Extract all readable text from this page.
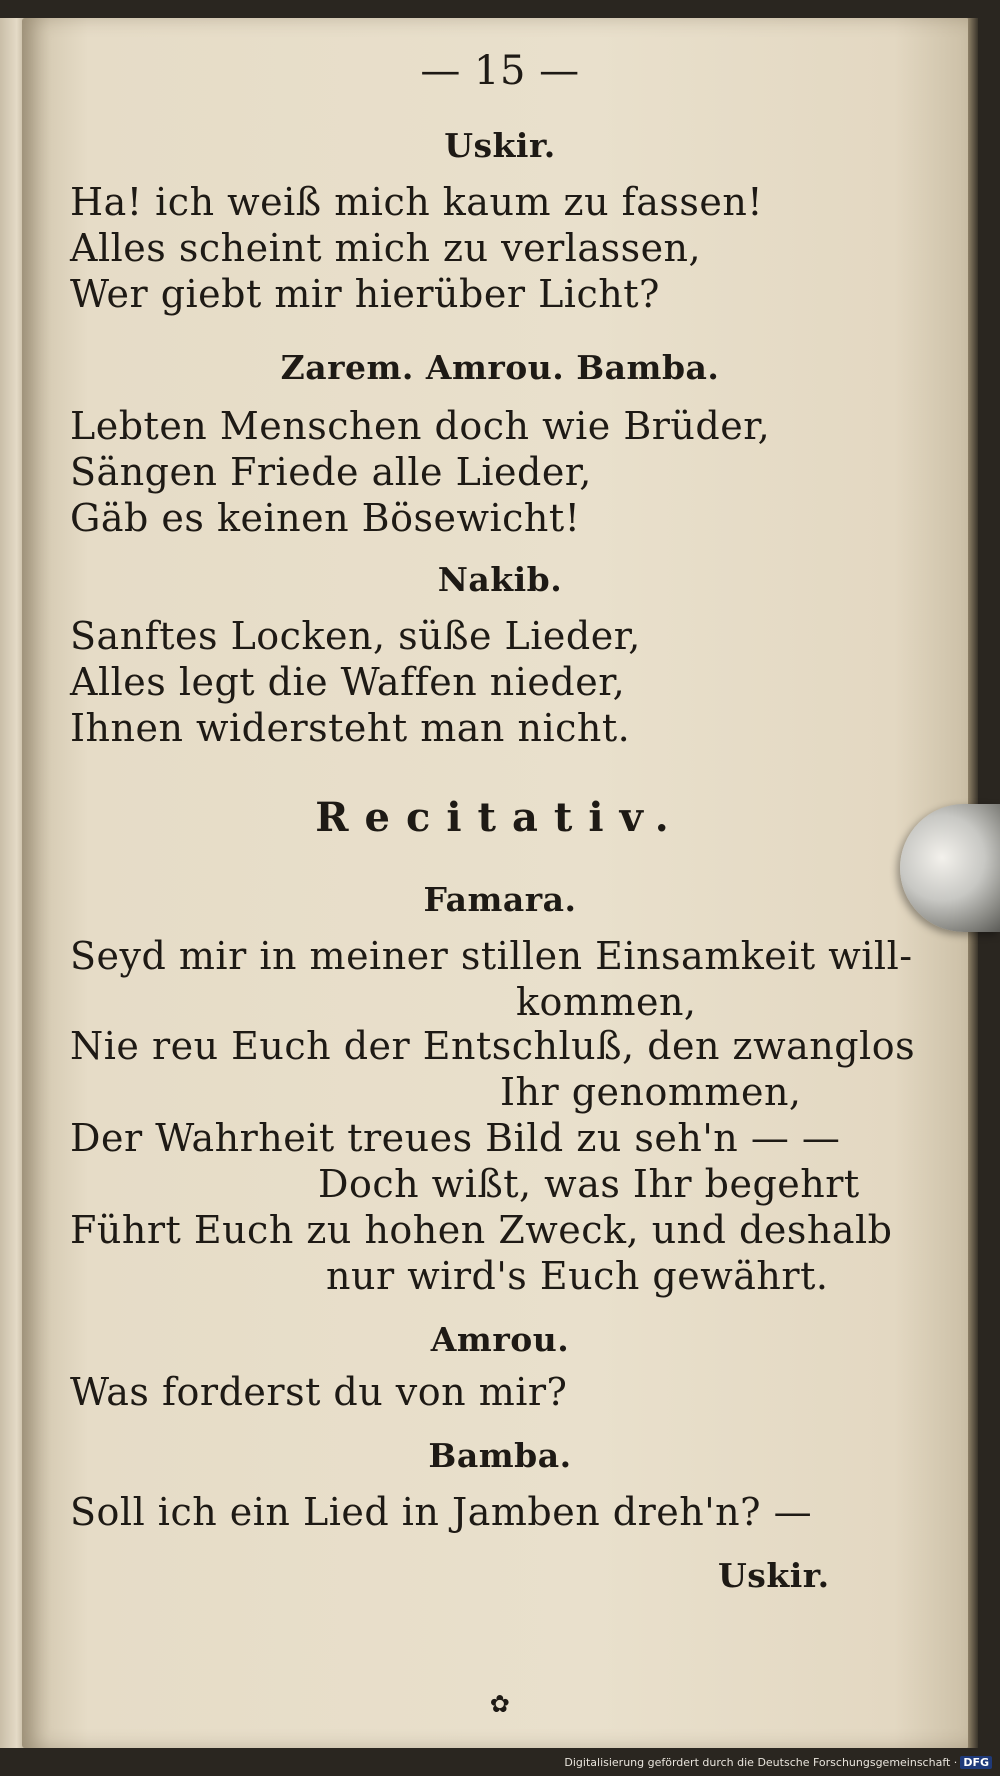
— 15 —
Uskir.
Ha! ich weiß mich kaum zu fassen!
Alles scheint mich zu verlassen,
Wer giebt mir hierüber Licht?
Zarem. Amrou. Bamba.
Lebten Menschen doch wie Brüder,
Sängen Friede alle Lieder,
Gäb es keinen Bösewicht!
Nakib.
Sanftes Locken, süße Lieder,
Alles legt die Waffen nieder,
Ihnen widersteht man nicht.
Recitativ.
Famara.
Seyd mir in meiner stillen Einsamkeit will-
kommen,
Nie reu Euch der Entschluß, den zwanglos
Ihr genommen,
Der Wahrheit treues Bild zu seh'n — —
Doch wißt, was Ihr begehrt
Führt Euch zu hohen Zweck, und deshalb
nur wird's Euch gewährt.
Amrou.
Was forderst du von mir?
Bamba.
Soll ich ein Lied in Jamben dreh'n? —
Uskir.
✿
Digitalisierung gefördert durch die Deutsche Forschungsgemeinschaft · DFG
